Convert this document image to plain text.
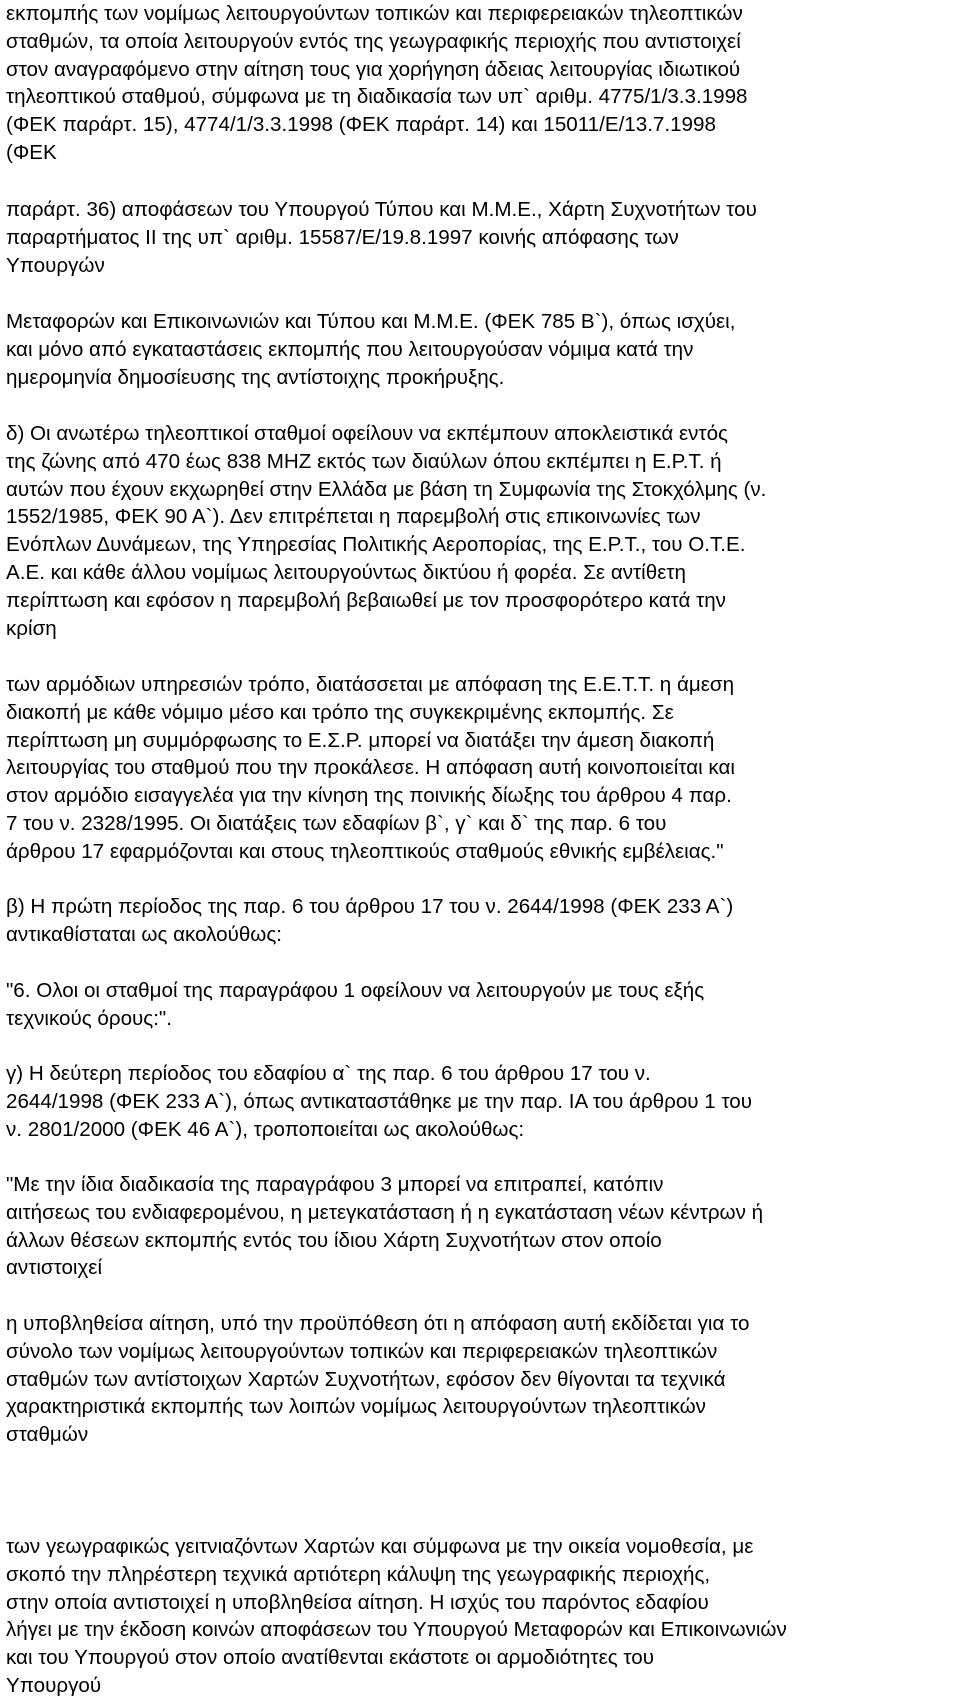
εκπομπής των νομίμως λειτουργούντων τοπικών και περιφερειακών τηλεοπτικών
σταθμών, τα οποία λειτουργούν εντός της γεωγραφικής περιοχής που αντιστοιχεί
στον αναγραφόμενο στην αίτηση τους για χορήγηση άδειας λειτουργίας ιδιωτικού
τηλεοπτικού σταθμού, σύμφωνα με τη διαδικασία των υπ` αριθμ. 4775/1/3.3.1998
(ΦΕΚ παράρτ. 15), 4774/1/3.3.1998 (ΦΕΚ παράρτ. 14) και 15011/Ε/13.7.1998
(ΦΕΚ
παράρτ. 36) αποφάσεων του Υπουργού Τύπου και Μ.Μ.Ε., Χάρτη Συχνοτήτων του
παραρτήματος ΙΙ της υπ` αριθμ. 15587/Ε/19.8.1997 κοινής απόφασης των
Υπουργών
Μεταφορών και Επικοινωνιών και Τύπου και Μ.Μ.Ε. (ΦΕΚ 785 Β`), όπως ισχύει,
και μόνο από εγκαταστάσεις εκπομπής που λειτουργούσαν νόμιμα κατά την
ημερομηνία δημοσίευσης της αντίστοιχης προκήρυξης.
δ) Οι ανωτέρω τηλεοπτικοί σταθμοί οφείλουν να εκπέμπουν αποκλειστικά εντός
της ζώνης από 470 έως 838 MHZ εκτός των διαύλων όπου εκπέμπει η Ε.Ρ.Τ. ή
αυτών που έχουν εκχωρηθεί στην Ελλάδα με βάση τη Συμφωνία της Στοκχόλμης (ν.
1552/1985, ΦΕΚ 90 Α`). Δεν επιτρέπεται η παρεμβολή στις επικοινωνίες των
Ενόπλων Δυνάμεων, της Υπηρεσίας Πολιτικής Αεροπορίας, της Ε.Ρ.Τ., του Ο.Τ.Ε.
Α.Ε. και κάθε άλλου νομίμως λειτουργούντως δικτύου ή φορέα. Σε αντίθετη
περίπτωση και εφόσον η παρεμβολή βεβαιωθεί με τον προσφορότερο κατά την
κρίση
των αρμόδιων υπηρεσιών τρόπο, διατάσσεται με απόφαση της Ε.Ε.Τ.Τ. η άμεση
διακοπή με κάθε νόμιμο μέσο και τρόπο της συγκεκριμένης εκπομπής. Σε
περίπτωση μη συμμόρφωσης το Ε.Σ.Ρ. μπορεί να διατάξει την άμεση διακοπή
λειτουργίας του σταθμού που την προκάλεσε. Η απόφαση αυτή κοινοποιείται και
στον αρμόδιο εισαγγελέα για την κίνηση της ποινικής δίωξης του άρθρου 4 παρ.
7 του ν. 2328/1995. Οι διατάξεις των εδαφίων β`, γ` και δ` της παρ. 6 του
άρθρου 17 εφαρμόζονται και στους τηλεοπτικούς σταθμούς εθνικής εμβέλειας."
β) Η πρώτη περίοδος της παρ. 6 του άρθρου 17 του ν. 2644/1998 (ΦΕΚ 233 Α`)
αντικαθίσταται ως ακολούθως:
"6. Ολοι οι σταθμοί της παραγράφου 1 οφείλουν να λειτουργούν με τους εξής
τεχνικούς όρους:".
γ) Η δεύτερη περίοδος του εδαφίου α` της παρ. 6 του άρθρου 17 του ν.
2644/1998 (ΦΕΚ 233 Α`), όπως αντικαταστάθηκε με την παρ. ΙΑ του άρθρου 1 του
ν. 2801/2000 (ΦΕΚ 46 Α`), τροποποιείται ως ακολούθως:
"Με την ίδια διαδικασία της παραγράφου 3 μπορεί να επιτραπεί, κατόπιν
αιτήσεως του ενδιαφερομένου, η μετεγκατάσταση ή η εγκατάσταση νέων κέντρων ή
άλλων θέσεων εκπομπής εντός του ίδιου Χάρτη Συχνοτήτων στον οποίο
αντιστοιχεί
η υποβληθείσα αίτηση, υπό την προϋπόθεση ότι η απόφαση αυτή εκδίδεται για το
σύνολο των νομίμως λειτουργούντων τοπικών και περιφερειακών τηλεοπτικών
σταθμών των αντίστοιχων Χαρτών Συχνοτήτων, εφόσον δεν θίγονται τα τεχνικά
χαρακτηριστικά εκπομπής των λοιπών νομίμως λειτουργούντων τηλεοπτικών
σταθμών
των γεωγραφικώς γειτνιαζόντων Χαρτών και σύμφωνα με την οικεία νομοθεσία, με
σκοπό την πληρέστερη τεχνικά αρτιότερη κάλυψη της γεωγραφικής περιοχής,
στην οποία αντιστοιχεί η υποβληθείσα αίτηση. Η ισχύς του παρόντος εδαφίου
λήγει με την έκδοση κοινών αποφάσεων του Υπουργού Μεταφορών και Επικοινωνιών
και του Υπουργού στον οποίο ανατίθενται εκάστοτε οι αρμοδιότητες του
Υπουργού
